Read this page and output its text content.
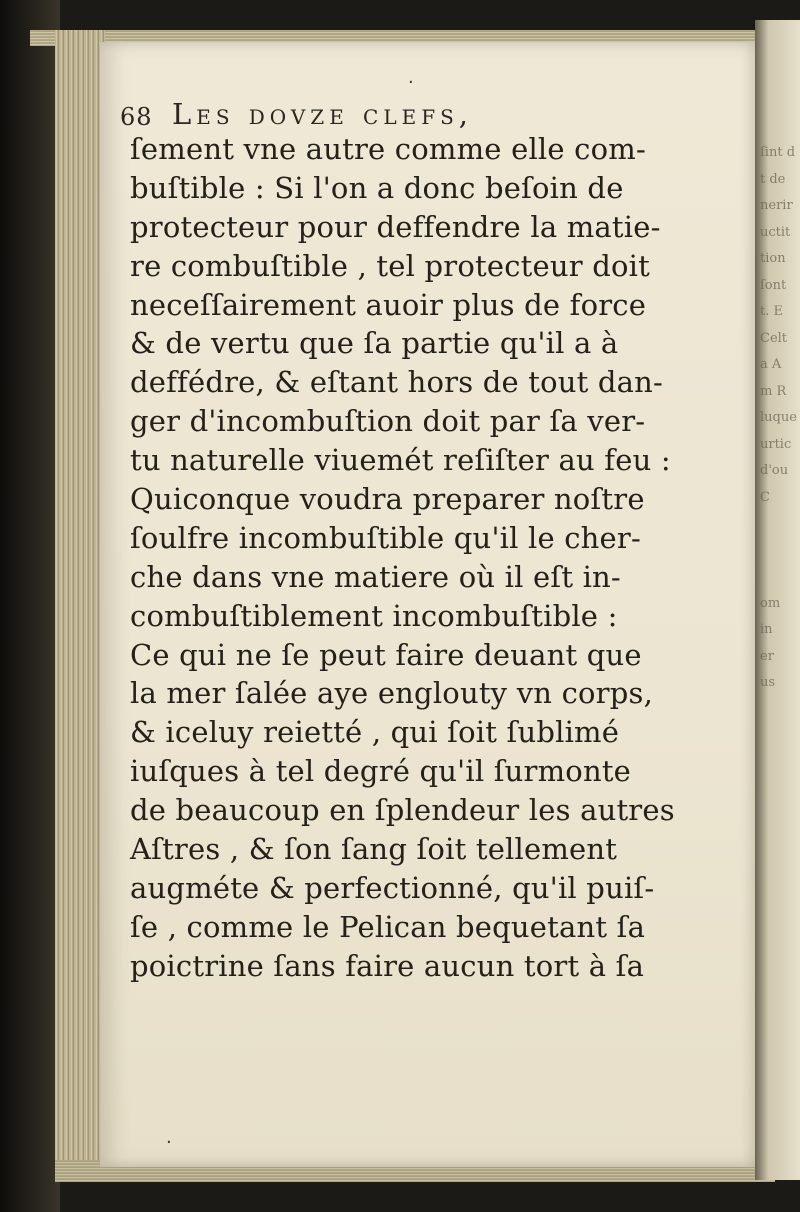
ſint d
t de
nerir
uctit
tion
ſont
t. E
Celt
a A
m R
luque
urtic
d'ou
C
om
in
er
us
68 Les dovze clefs,
ſement vne autre comme elle com-
buſtible : Si l'on a donc beſoin de
protecteur pour deffendre la matie-
re combuſtible , tel protecteur doit
neceſſairement auoir plus de force
& de vertu que ſa partie qu'il a à
deffédre, & eſtant hors de tout dan-
ger d'incombuſtion doit par ſa ver-
tu naturelle viuemét reſiſter au feu :
Quiconque voudra preparer noſtre
ſoulfre incombuſtible qu'il le cher-
che dans vne matiere où il eſt in-
combuſtiblement incombuſtible :
Ce qui ne ſe peut faire deuant que
la mer ſalée aye englouty vn corps,
& iceluy reietté , qui ſoit ſublimé
iuſques à tel degré qu'il ſurmonte
de beaucoup en ſplendeur les autres
Aſtres , & ſon ſang ſoit tellement
augméte & perfectionné, qu'il puiſ-
ſe , comme le Pelican bequetant ſa
poictrine ſans faire aucun tort à ſa
·
·
